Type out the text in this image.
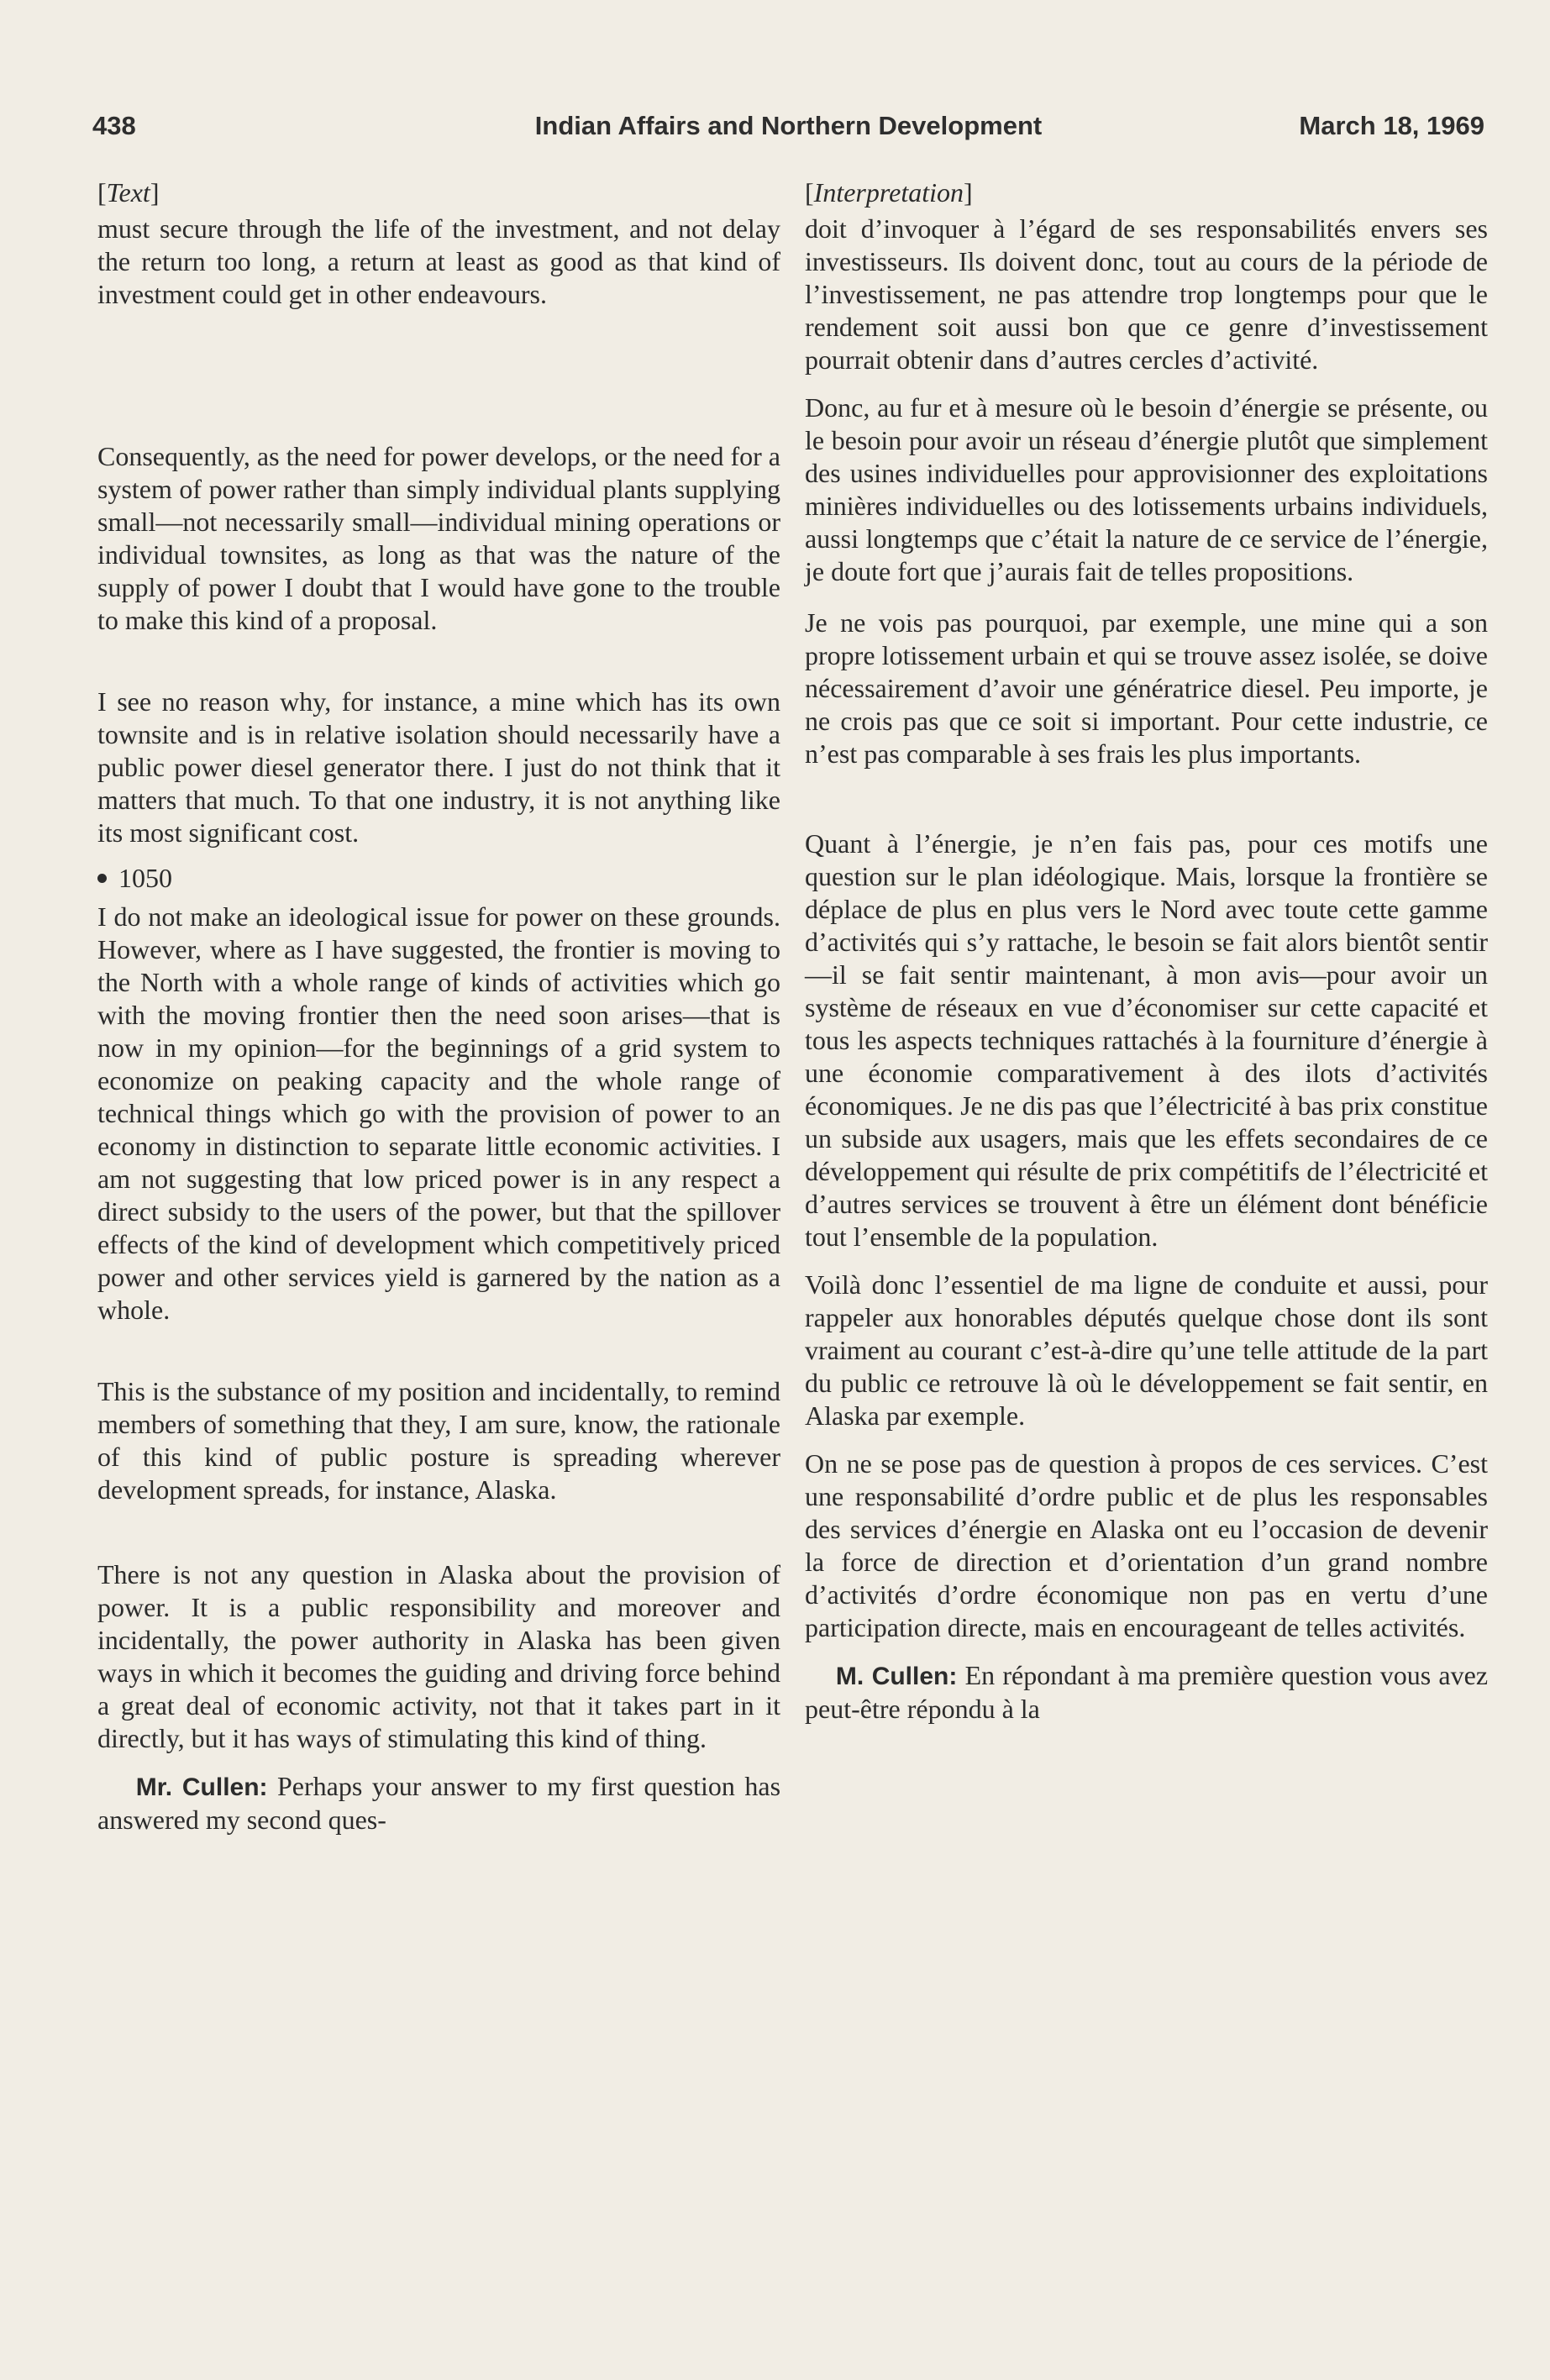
438	Indian Affairs and Northern Development	March 18, 1969
[Text]

must secure through the life of the investment, and not delay the return too long, a return at least as good as that kind of investment could get in other endeavours.

Consequently, as the need for power develops, or the need for a system of power rather than simply individual plants supplying small—not necessarily small—individual mining operations or individual townsites, as long as that was the nature of the supply of power I doubt that I would have gone to the trouble to make this kind of a proposal.

I see no reason why, for instance, a mine which has its own townsite and is in relative isolation should necessarily have a public power diesel generator there. I just do not think that it matters that much. To that one industry, it is not anything like its most significant cost.

1050

I do not make an ideological issue for power on these grounds. However, where as I have suggested, the frontier is moving to the North with a whole range of kinds of activities which go with the moving frontier then the need soon arises—that is now in my opinion—for the beginnings of a grid system to economize on peaking capacity and the whole range of technical things which go with the provision of power to an economy in distinction to separate little economic activities. I am not suggesting that low priced power is in any respect a direct subsidy to the users of the power, but that the spillover effects of the kind of development which competitively priced power and other services yield is garnered by the nation as a whole.

This is the substance of my position and incidentally, to remind members of something that they, I am sure, know, the rationale of this kind of public posture is spreading wherever development spreads, for instance, Alaska.

There is not any question in Alaska about the provision of power. It is a public responsibility and moreover and incidentally, the power authority in Alaska has been given ways in which it becomes the guiding and driving force behind a great deal of economic activity, not that it takes part in it directly, but it has ways of stimulating this kind of thing.

Mr. Cullen: Perhaps your answer to my first question has answered my second ques-

[Interpretation]

doit d’invoquer à l’égard de ses responsabilités envers ses investisseurs. Ils doivent donc, tout au cours de la période de l’investissement, ne pas attendre trop longtemps pour que le rendement soit aussi bon que ce genre d’investissement pourrait obtenir dans d’autres cercles d’activité.

Donc, au fur et à mesure où le besoin d’énergie se présente, ou le besoin pour avoir un réseau d’énergie plutôt que simplement des usines individuelles pour approvisionner des exploitations minières individuelles ou des lotissements urbains individuels, aussi longtemps que c’était la nature de ce service de l’énergie, je doute fort que j’aurais fait de telles propositions.

Je ne vois pas pourquoi, par exemple, une mine qui a son propre lotissement urbain et qui se trouve assez isolée, se doive nécessairement d’avoir une génératrice diesel. Peu importe, je ne crois pas que ce soit si important. Pour cette industrie, ce n’est pas comparable à ses frais les plus importants.

Quant à l’énergie, je n’en fais pas, pour ces motifs une question sur le plan idéologique. Mais, lorsque la frontière se déplace de plus en plus vers le Nord avec toute cette gamme d’activités qui s’y rattache, le besoin se fait alors bientôt sentir—il se fait sentir maintenant, à mon avis—pour avoir un système de réseaux en vue d’économiser sur cette capacité et tous les aspects techniques rattachés à la fourniture d’énergie à une économie comparativement à des ilots d’activités économiques. Je ne dis pas que l’électricité à bas prix constitue un subside aux usagers, mais que les effets secondaires de ce développement qui résulte de prix compétitifs de l’électricité et d’autres services se trouvent à être un élément dont bénéficie tout l’ensemble de la population.

Voilà donc l’essentiel de ma ligne de conduite et aussi, pour rappeler aux honorables députés quelque chose dont ils sont vraiment au courant c’est-à-dire qu’une telle attitude de la part du public ce retrouve là où le développement se fait sentir, en Alaska par exemple.

On ne se pose pas de question à propos de ces services. C’est une responsabilité d’ordre public et de plus les responsables des services d’énergie en Alaska ont eu l’occasion de devenir la force de direction et d’orientation d’un grand nombre d’activités d’ordre économique non pas en vertu d’une participation directe, mais en encourageant de telles activités.

M. Cullen: En répondant à ma première question vous avez peut-être répondu à la
